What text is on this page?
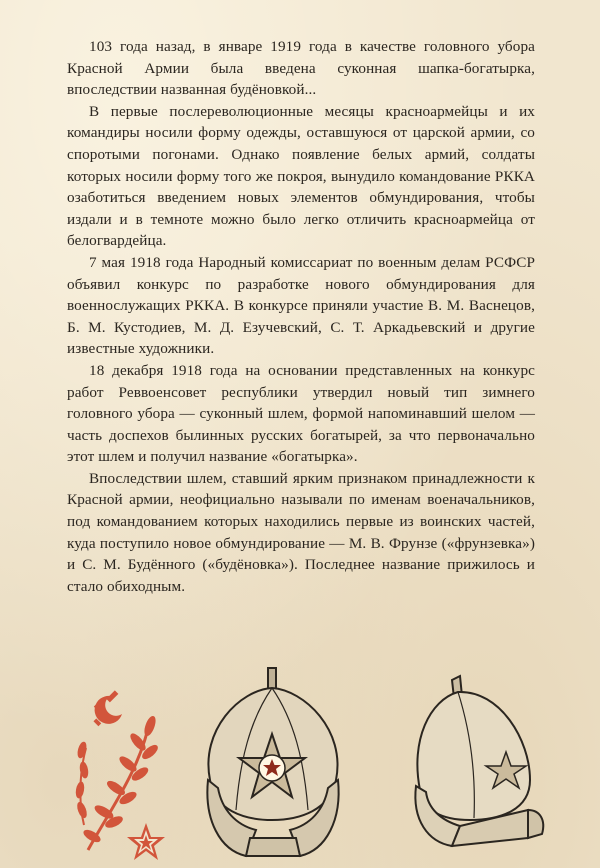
103 года назад, в январе 1919 года в качестве головного убора Красной Армии была введена суконная шапка-богатырка, впоследствии названная будёновкой...

В первые послереволюционные месяцы красноармейцы и их командиры носили форму одежды, оставшуюся от царской армии, со споротыми погонами. Однако появление белых армий, солдаты которых носили форму того же покроя, вынудило командование РККА озаботиться введением новых элементов обмундирования, чтобы издали и в темноте можно было легко отличить красноармейца от белогвардейца.

7 мая 1918 года Народный комиссариат по военным делам РСФСР объявил конкурс по разработке нового обмундирования для военнослужащих РККА. В конкурсе приняли участие В. М. Васнецов, Б. М. Кустодиев, М. Д. Езучевский, С. Т. Аркадьевский и другие известные художники.

18 декабря 1918 года на основании представленных на конкурс работ Реввоенсовет республики утвердил новый тип зимнего головного убора — суконный шлем, формой напоминавший шелом — часть доспехов былинных русских богатырей, за что первоначально этот шлем и получил название «богатырка».

Впоследствии шлем, ставший ярким признаком принадлежности к Красной армии, неофициально называли по именам военачальников, под командованием которых находились первые из воинских частей, куда поступило новое обмундирование — М. В. Фрунзе («фрунзевка») и С. М. Будённого («будёновка»). Последнее название прижилось и стало обиходным.
